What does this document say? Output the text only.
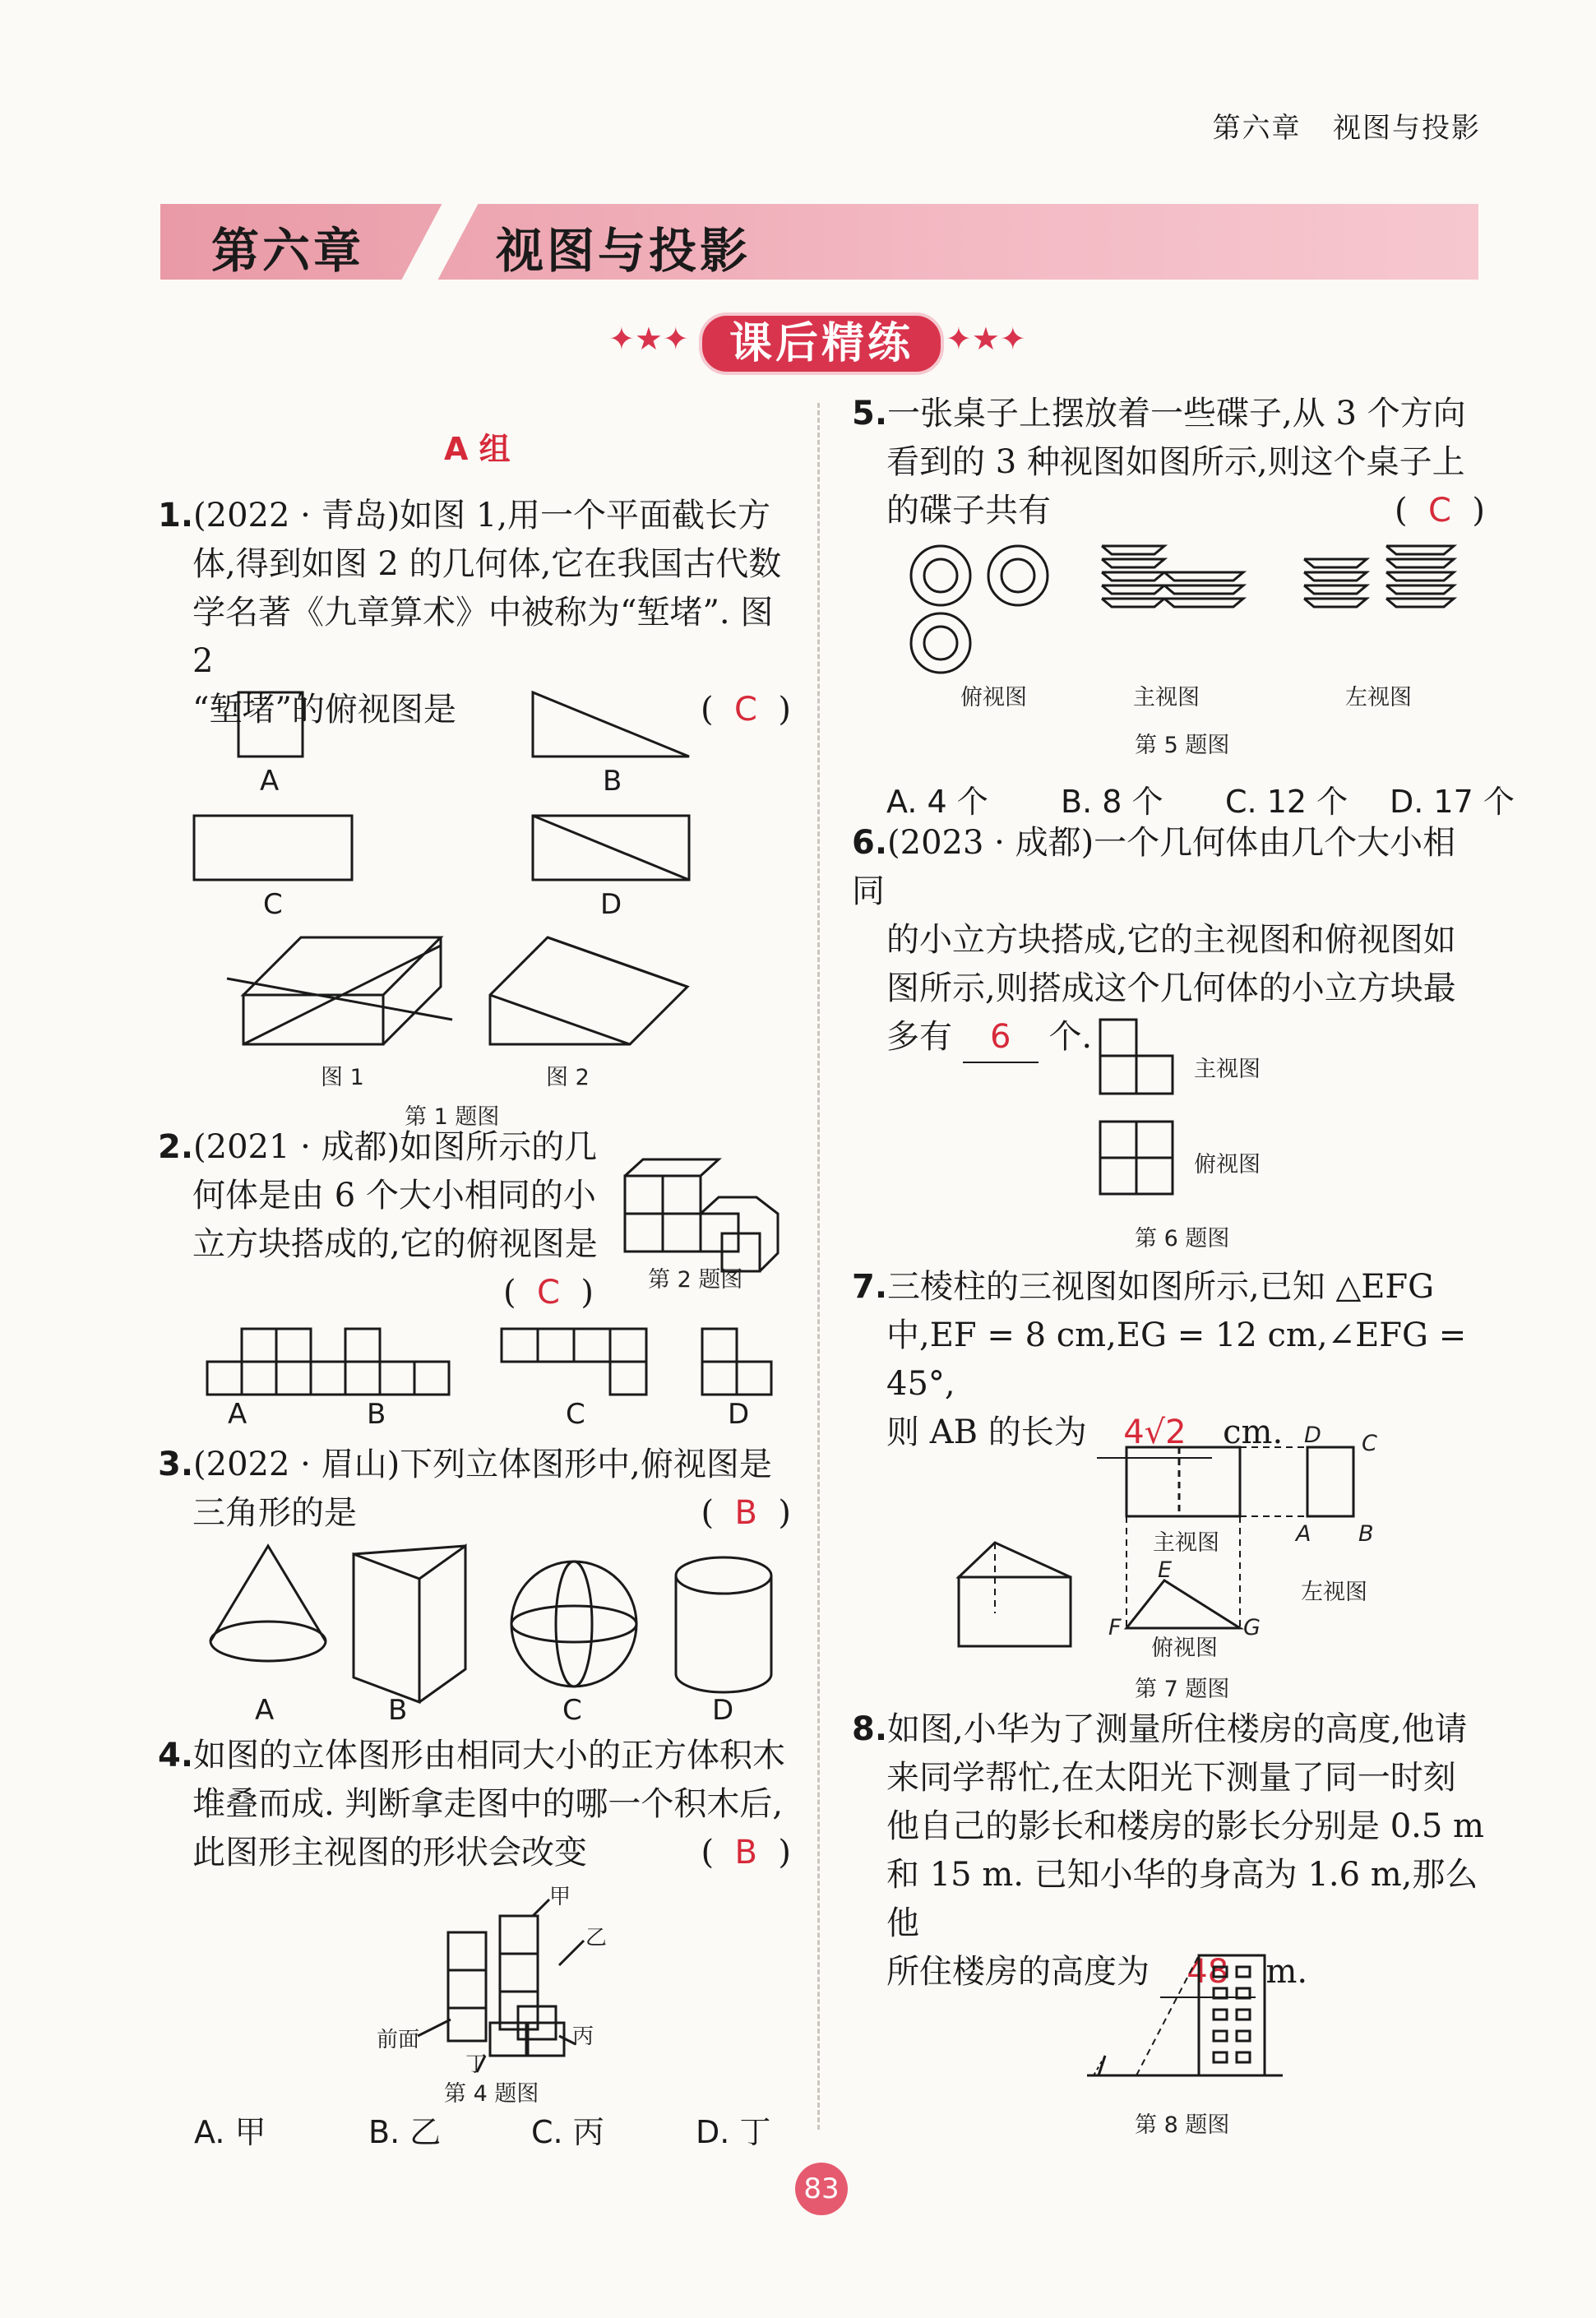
第六章 视图与投影
第六章	视图与投影
✦★✦ 课后精练	✦★✦
A 组
1.(2022 · 青岛)如图 1,用一个平面截长方
体,得到如图 2 的几何体,它在我国古代数
学名著《九章算术》中被称为“堑堵”. 图 2
“堑堵”的俯视图是	(  C  )
A	B
C	D
图 1	图 2
第 1 题图
2.(2021 · 成都)如图所示的几
何体是由 6 个大小相同的小
立方块搭成的,它的俯视图是
(  C  ) 第 2 题图
A	B	C	D
3.(2022 · 眉山)下列立体图形中,俯视图是
三角形的是	(  B  )
A	B	C	D
4.如图的立体图形由相同大小的正方体积木
堆叠而成. 判断拿走图中的哪一个积木后,
此图形主视图的形状会改变	(  B  )
甲
乙
丙
丁
前面
第 4 题图
A. 甲	B. 乙	C. 丙	D. 丁
5.一张桌子上摆放着一些碟子,从 3 个方向
看到的 3 种视图如图所示,则这个桌子上
的碟子共有	(  C  )
俯视图	主视图	左视图
第 5 题图
A. 4 个 B. 8 个 C. 12 个 D. 17 个
6.(2023 · 成都)一个几何体由几个大小相同
的小立方块搭成,它的主视图和俯视图如
图所示,则搭成这个几何体的小立方块最
多有 6 个.
主视图
俯视图
第 6 题图
7.三棱柱的三视图如图所示,已知 △EFG
中,EF = 8 cm,EG = 12 cm,∠EFG = 45°,
则 AB 的长为 4√2 cm. D C
A B
E
F	G
主视图
左视图
俯视图
第 7 题图
8.如图,小华为了测量所住楼房的高度,他请
来同学帮忙,在太阳光下测量了同一时刻
他自己的影长和楼房的影长分别是 0.5 m
和 15 m. 已知小华的身高为 1.6 m,那么他
所住楼房的高度为 48 m.
第 8 题图
83
